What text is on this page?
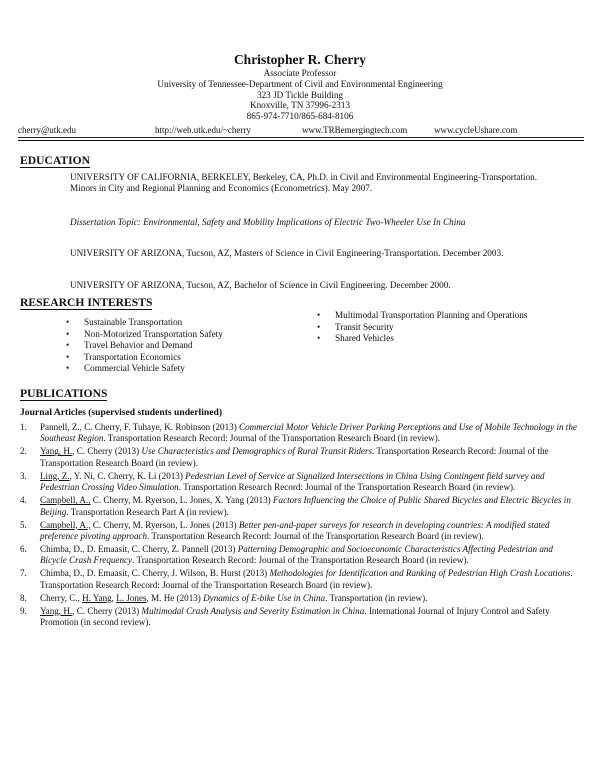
Christopher R. Cherry
Associate Professor
University of Tennessee-Department of Civil and Environmental Engineering
323 JD Tickle Building
Knoxville, TN 37996-2313
865-974-7710/865-684-8106
cherry@utk.edu	http://web.utk.edu/~cherry	www.TRBemergingtech.com	www.cycleUshare.com
EDUCATION
UNIVERSITY OF CALIFORNIA, BERKELEY, Berkeley, CA, Ph.D. in Civil and Environmental Engineering-Transportation. Minors in City and Regional Planning and Economics (Econometrics). May 2007.
Dissertation Topic: Environmental, Safety and Mobility Implications of Electric Two-Wheeler Use In China
UNIVERSITY OF ARIZONA, Tucson, AZ, Masters of Science in Civil Engineering-Transportation. December 2003.
UNIVERSITY OF ARIZONA, Tucson, AZ, Bachelor of Science in Civil Engineering. December 2000.
RESEARCH INTERESTS
• Sustainable Transportation
• Non-Motorized Transportation Safety
• Travel Behavior and Demand
• Transportation Economics
• Commercial Vehicle Safety
• Multimodal Transportation Planning and Operations
• Transit Security
• Shared Vehicles
PUBLICATIONS
Journal Articles (supervised students underlined)
1. Pannell, Z., C. Cherry, F. Tuhaye, K. Robinson (2013) Commercial Motor Vehicle Driver Parking Perceptions and Use of Mobile Technology in the Southeast Region. Transportation Research Record: Journal of the Transportation Research Board (in review).
2. Yang, H., C. Cherry (2013) Use Characteristics and Demographics of Rural Transit Riders. Transportation Research Record: Journal of the Transportation Research Board (in review).
3. Ling, Z., Y. Ni, C. Cherry, K. Li (2013) Pedestrian Level of Service at Signalized Intersections in China Using Contingent field survey and Pedestrian Crossing Video Simulation. Transportation Research Record: Journal of the Transportation Research Board (in review).
4. Campbell, A., C. Cherry, M. Ryerson, L. Jones, X. Yang (2013) Factors Influencing the Choice of Public Shared Bicycles and Electric Bicycles in Beijing. Transportation Research Part A (in review).
5. Campbell, A., C. Cherry, M. Ryerson, L. Jones (2013) Better pen-and-paper surveys for research in developing countries: A modified stated preference pivoting approach. Transportation Research Record: Journal of the Transportation Research Board (in review).
6. Chimba, D., D. Emaasit, C. Cherry, Z. Pannell (2013) Patterning Demographic and Socioeconomic Characteristics Affecting Pedestrian and Bicycle Crash Frequency. Transportation Research Record: Journal of the Transportation Research Board (in review).
7. Chimba, D., D. Emaasit, C. Cherry, J. Wilson, B. Hurst (2013) Methodologies for Identification and Ranking of Pedestrian High Crash Locations. Transportation Research Record: Journal of the Transportation Research Board (in review).
8. Cherry, C., H. Yang, L. Jones, M. He (2013) Dynamics of E-bike Use in China. Transportation (in review).
9. Yang, H., C. Cherry (2013) Multimodal Crash Analysis and Severity Estimation in China. International Journal of Injury Control and Safety Promotion (in second review).
